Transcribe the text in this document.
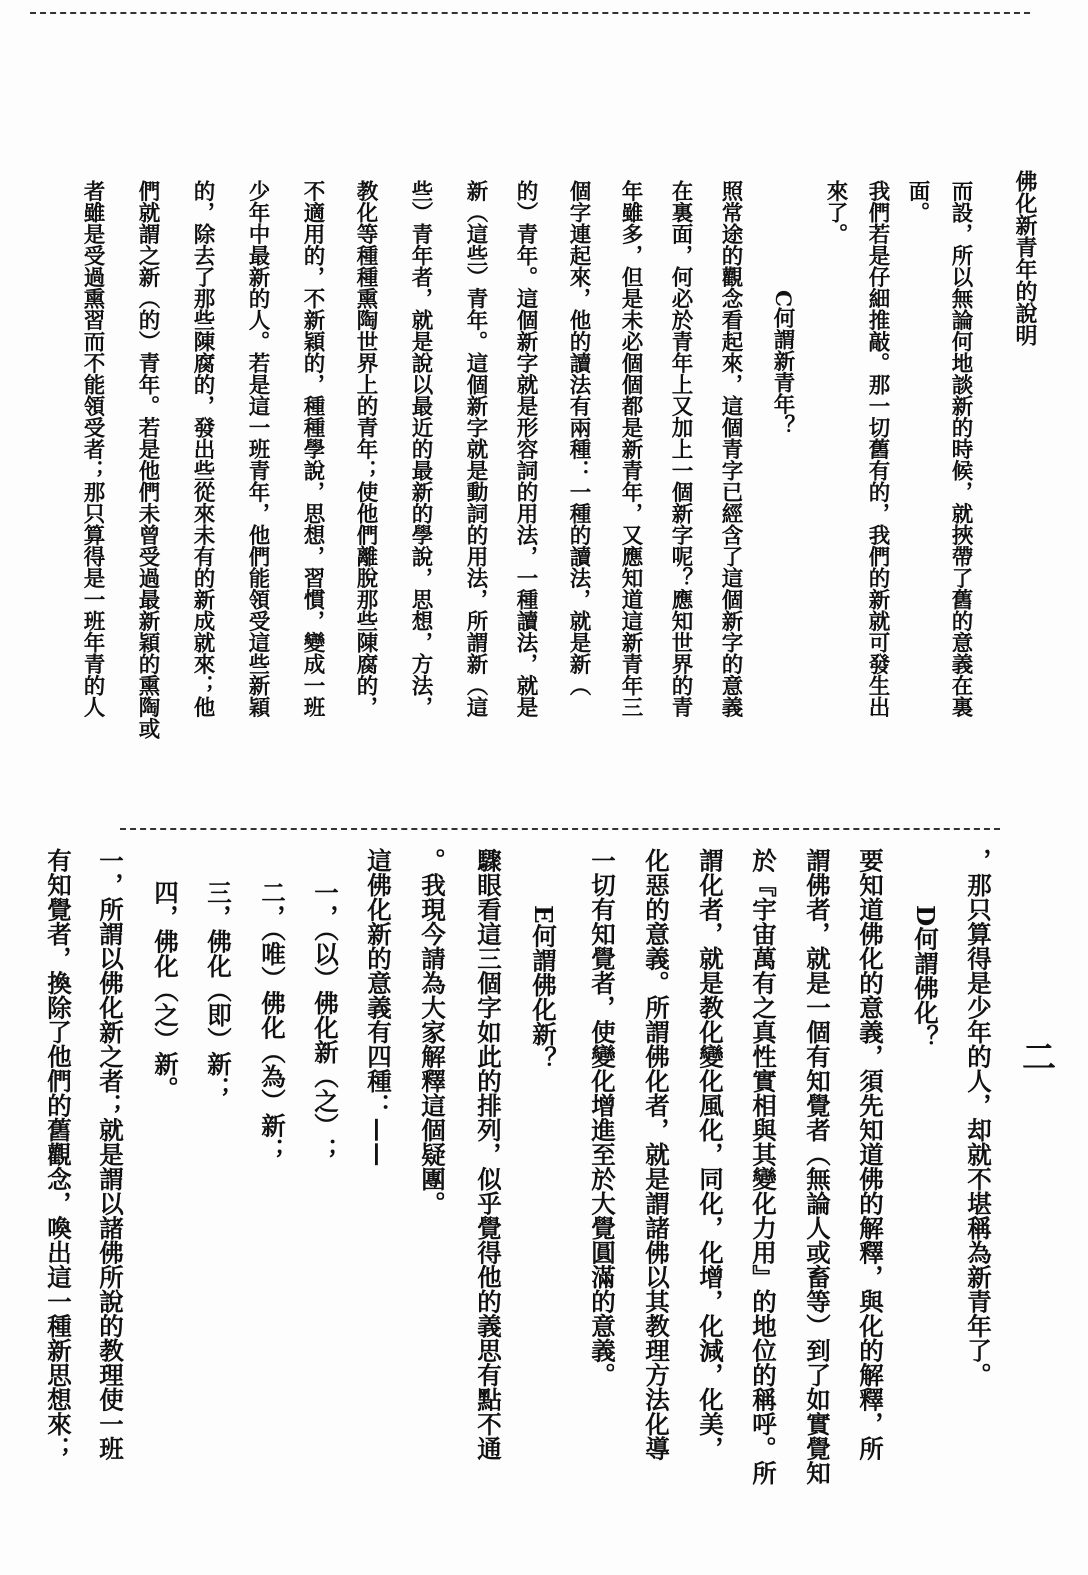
佛化新青年的說明
而設，所以無論何地談新的時候，就挾帶了舊的意義在裏
面。
我們若是仔細推敲。那一切舊有的，我們的新就可發生出
來了。
C何謂新青年？
照常途的觀念看起來，這個青字已經含了這個新字的意義
在裏面，何必於青年上又加上一個新字呢？應知世界的青
年雖多，但是未必個個都是新青年，又應知道這新青年三
個字連起來，他的讀法有兩種：一種的讀法，就是新（
的）青年。這個新字就是形容詞的用法，一種讀法，就是
新（這些）青年。這個新字就是動詞的用法，所謂新（這
些）青年者，就是說以最近的最新的學說，思想，方法，
教化等種種熏陶世界上的青年；使他們離脫那些陳腐的，
不適用的，不新穎的，種種學說，思想，習慣，變成一班
少年中最新的人。若是這一班青年，他們能領受這些新穎
的，除去了那些陳腐的，發出些從來未有的新成就來；他
們就謂之新（的）青年。若是他們未曾受過最新穎的熏陶或
者雖是受過熏習而不能領受者；那只算得是一班年青的人
二
，那只算得是少年的人，却就不堪稱為新青年了。
D何謂佛化？
要知道佛化的意義，須先知道佛的解釋，與化的解釋，所
謂佛者，就是一個有知覺者（無論人或畜等）到了如實覺知
於『宇宙萬有之真性實相與其變化力用』的地位的稱呼。所
謂化者，就是教化變化風化，同化，化增，化減，化美，
化惡的意義。所謂佛化者，就是謂諸佛以其教理方法化導
一切有知覺者，使變化增進至於大覺圓滿的意義。
E何謂佛化新？
驟眼看這三個字如此的排列，似乎覺得他的義思有點不通
。我現今請為大家解釋這個疑團。
這佛化新的意義有四種：——
一，（以）佛化新（之）；
二，（唯）佛化（為）新；
三，佛化（即）新；
四，佛化（之）新。
一，所謂以佛化新之者；就是謂以諸佛所說的教理使一班
有知覺者，換除了他們的舊觀念，喚出這一種新思想來；
